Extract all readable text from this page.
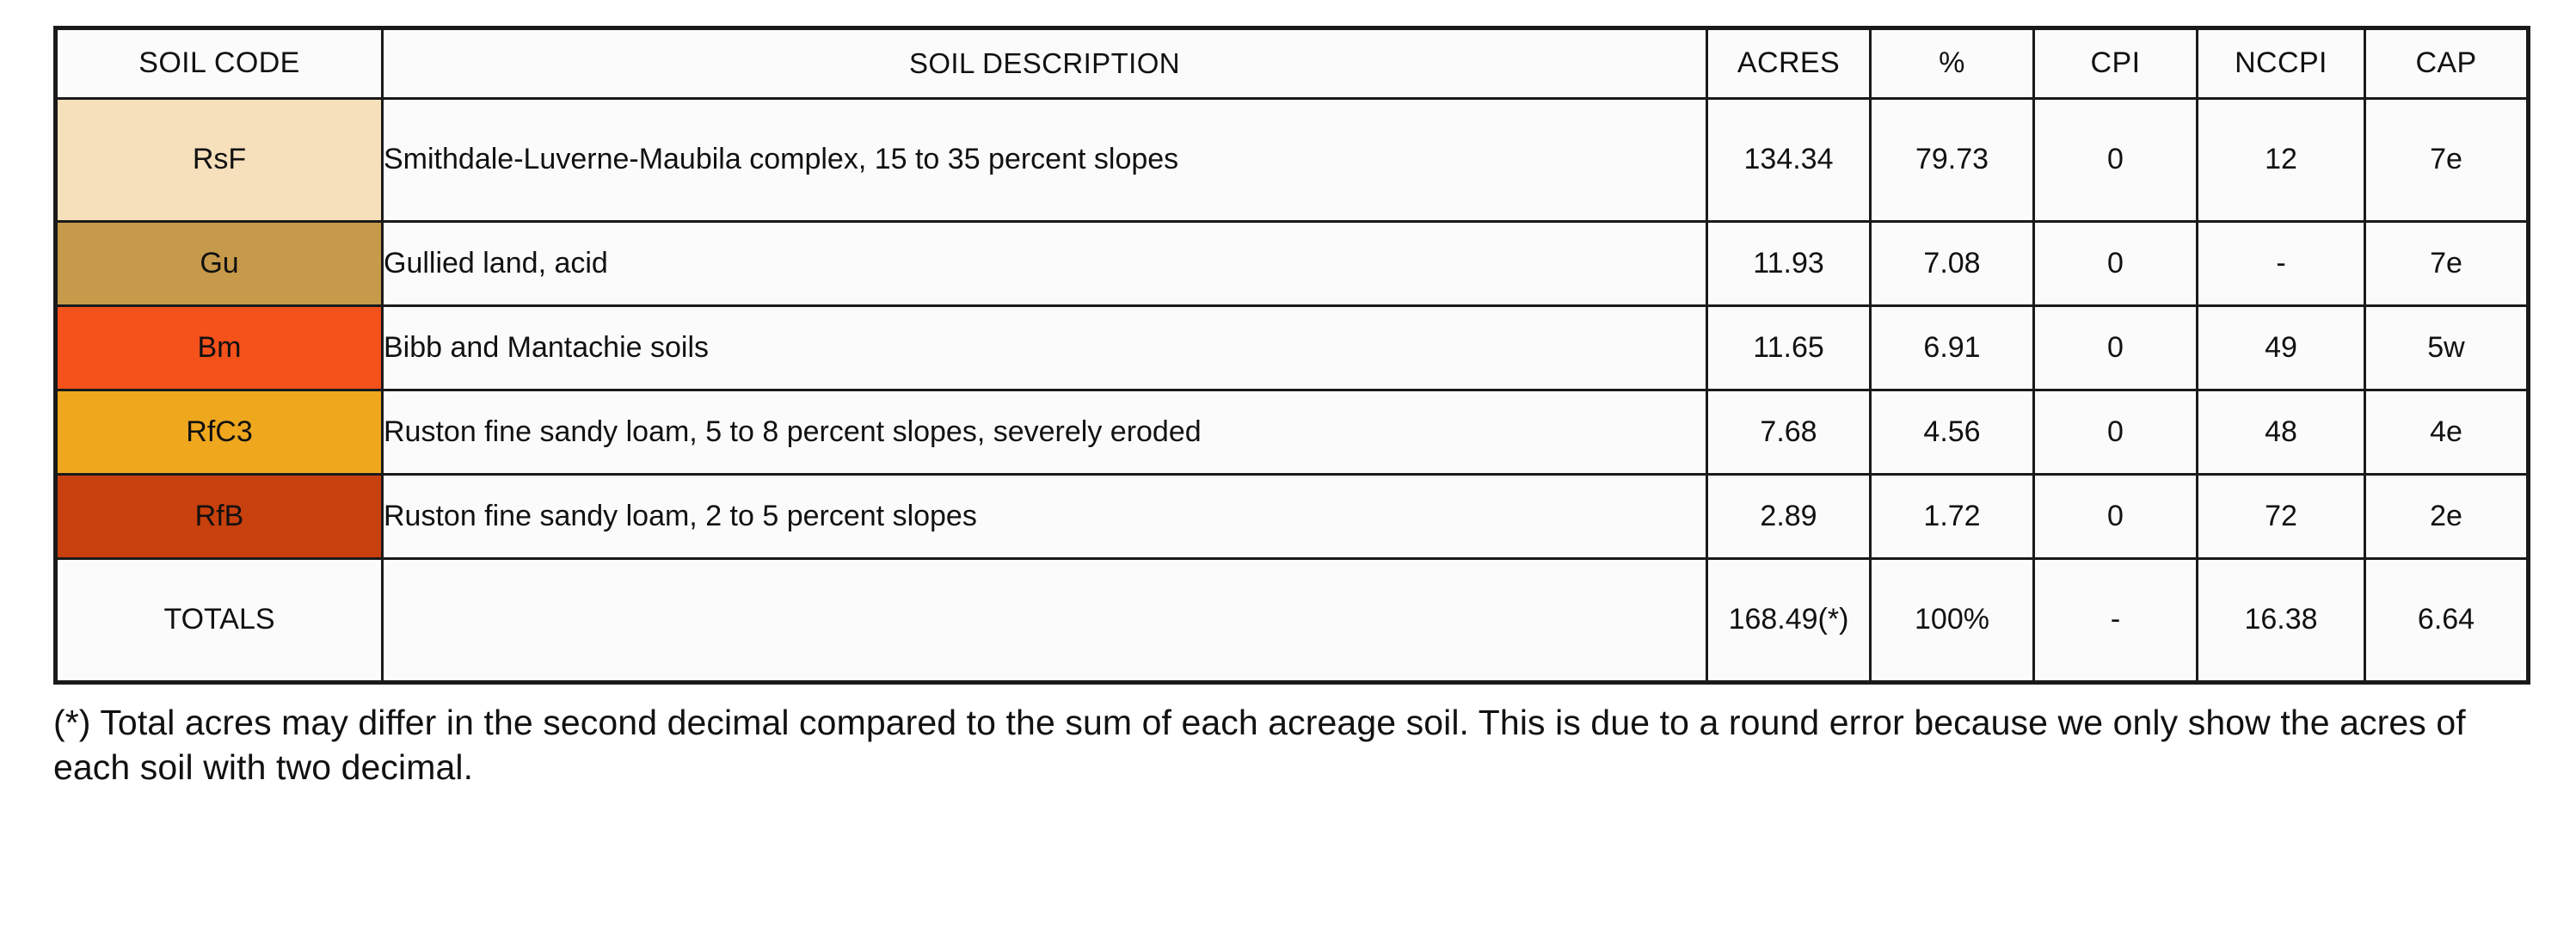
SOIL CODE	SOIL DESCRIPTION	ACRES	%	CPI	NCCPI	CAP
RsF	Smithdale-Luverne-Maubila complex, 15 to 35 percent slopes	134.34	79.73	0	12	7e
Gu	Gullied land, acid	11.93	7.08	0	-	7e
Bm	Bibb and Mantachie soils	11.65	6.91	0	49	5w
RfC3	Ruston fine sandy loam, 5 to 8 percent slopes, severely eroded	7.68	4.56	0	48	4e
RfB	Ruston fine sandy loam, 2 to 5 percent slopes	2.89	1.72	0	72	2e
TOTALS		168.49(*)	100%	-	16.38	6.64
(*) Total acres may differ in the second decimal compared to the sum of each acreage soil. This is due to a round error because we only show the acres of each soil with two decimal.
